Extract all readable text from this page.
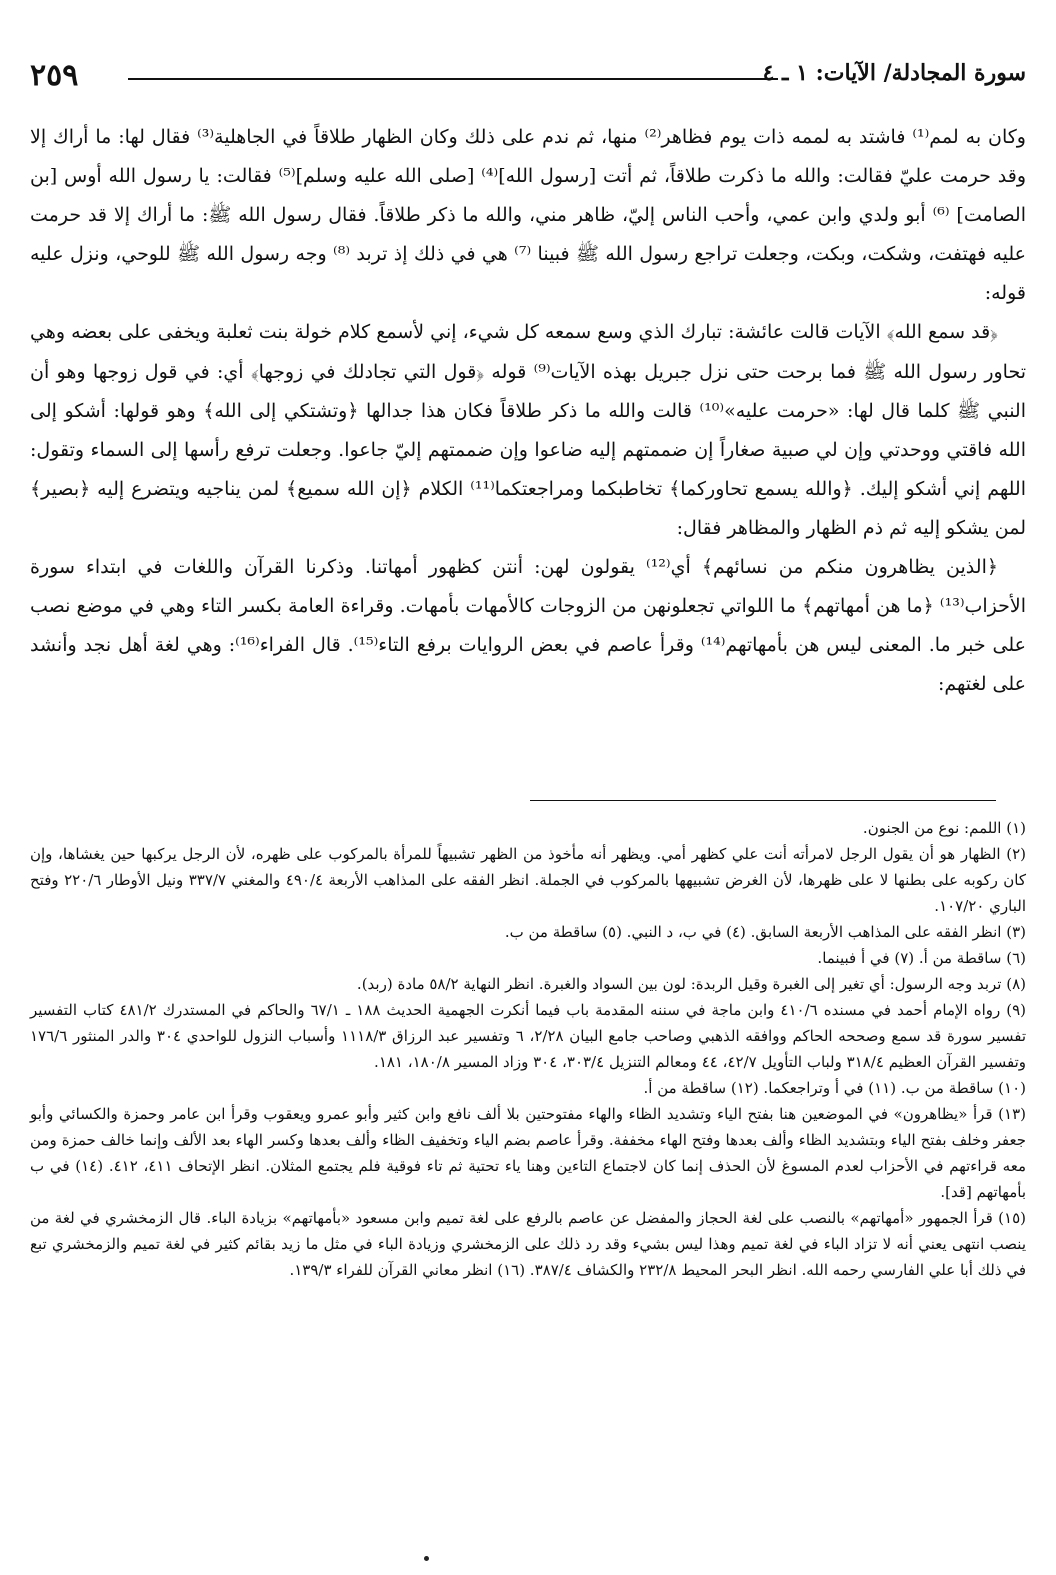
٢٥٩	سورة المجادلة/ الآيات: ١ ـ ٤

وكان به لمم⁽¹⁾ فاشتد به لممه ذات يوم فظاهر⁽²⁾ منها، ثم ندم على ذلك وكان الظهار طلاقاً في الجاهلية⁽³⁾ فقال لها: ما أراك إلا وقد حرمت عليّ فقالت: والله ما ذكرت طلاقاً، ثم أتت [رسول الله]⁽⁴⁾ [صلى الله عليه وسلم]⁽⁵⁾ فقالت: يا رسول الله أوس [بن الصامت] ⁽⁶⁾ أبو ولدي وابن عمي، وأحب الناس إليّ، ظاهر مني، والله ما ذكر طلاقاً. فقال رسول الله ﷺ: ما أراك إلا قد حرمت عليه فهتفت، وشكت، وبكت، وجعلت تراجع رسول الله ﷺ فبينا ⁽⁷⁾ هي في ذلك إذ تربد ⁽⁸⁾ وجه رسول الله ﷺ للوحي، ونزل عليه قوله:

﴿قد سمع الله﴾ الآيات قالت عائشة: تبارك الذي وسع سمعه كل شيء، إني لأسمع كلام خولة بنت ثعلبة ويخفى على بعضه وهي تحاور رسول الله ﷺ فما برحت حتى نزل جبريل بهذه الآيات⁽⁹⁾ قوله ﴿قول التي تجادلك في زوجها﴾ أي: في قول زوجها وهو أن النبي ﷺ كلما قال لها: «حرمت عليه»⁽¹⁰⁾ قالت والله ما ذكر طلاقاً فكان هذا جدالها ﴿وتشتكي إلى الله﴾ وهو قولها: أشكو إلى الله فاقتي ووحدتي وإن لي صبية صغاراً إن ضممتهم إليه ضاعوا وإن ضممتهم إليّ جاعوا. وجعلت ترفع رأسها إلى السماء وتقول: اللهم إني أشكو إليك. ﴿والله يسمع تحاوركما﴾ تخاطبكما ومراجعتكما⁽¹¹⁾ الكلام ﴿إن الله سميع﴾ لمن يناجيه ويتضرع إليه ﴿بصير﴾ لمن يشكو إليه ثم ذم الظهار والمظاهر فقال:

﴿الذين يظاهرون منكم من نسائهم﴾ أي⁽¹²⁾ يقولون لهن: أنتن كظهور أمهاتنا. وذكرنا القرآن واللغات في ابتداء سورة الأحزاب⁽¹³⁾ ﴿ما هن أمهاتهم﴾ ما اللواتي تجعلونهن من الزوجات كالأمهات بأمهات. وقراءة العامة بكسر التاء وهي في موضع نصب على خبر ما. المعنى ليس هن بأمهاتهم⁽¹⁴⁾ وقرأ عاصم في بعض الروايات برفع التاء⁽¹⁵⁾. قال الفراء⁽¹⁶⁾: وهي لغة أهل نجد وأنشد على لغتهم:

(١) اللمم: نوع من الجنون.

(٢) الظهار هو أن يقول الرجل لامرأته أنت علي كظهر أمي. ويظهر أنه مأخوذ من الظهر تشبيهاً للمرأة بالمركوب على ظهره، لأن الرجل يركبها حين يغشاها، وإن كان ركوبه على بطنها لا على ظهرها، لأن الغرض تشبيهها بالمركوب في الجملة. انظر الفقه على المذاهب الأربعة ٤٩٠/٤ والمغني ٣٣٧/٧ ونيل الأوطار ٢٢٠/٦ وفتح الباري ١٠٧/٢٠.

(٣) انظر الفقه على المذاهب الأربعة السابق. (٤) في ب، د النبي. (٥) ساقطة من ب.

(٦) ساقطة من أ. (٧) في أ فبينما.

(٨) تربد وجه الرسول: أي تغير إلى الغبرة وقيل الربدة: لون بين السواد والغبرة. انظر النهاية ٥٨/٢ مادة (ربد).

(٩) رواه الإمام أحمد في مسنده ٤١٠/٦ وابن ماجة في سننه المقدمة باب فيما أنكرت الجهمية الحديث ١٨٨ ـ ٦٧/١ والحاكم في المستدرك ٤٨١/٢ كتاب التفسير تفسير سورة قد سمع وصححه الحاكم ووافقه الذهبي وصاحب جامع البيان ٢/٢٨، ٦ وتفسير عبد الرزاق ١١١٨/٣ وأسباب النزول للواحدي ٣٠٤ والدر المنثور ١٧٦/٦ وتفسير القرآن العظيم ٣١٨/٤ ولباب التأويل ٤٢/٧، ٤٤ ومعالم التنزيل ٣٠٣/٤، ٣٠٤ وزاد المسير ١٨٠/٨، ١٨١.

(١٠) ساقطة من ب. (١١) في أ وتراجعكما. (١٢) ساقطة من أ.

(١٣) قرأ «يظاهرون» في الموضعين هنا بفتح الياء وتشديد الظاء والهاء مفتوحتين بلا ألف نافع وابن كثير وأبو عمرو ويعقوب وقرأ ابن عامر وحمزة والكسائي وأبو جعفر وخلف بفتح الياء وبتشديد الظاء وألف بعدها وفتح الهاء مخففة. وقرأ عاصم بضم الياء وتخفيف الظاء وألف بعدها وكسر الهاء بعد الألف وإنما خالف حمزة ومن معه قراءتهم في الأحزاب لعدم المسوغ لأن الحذف إنما كان لاجتماع التاءين وهنا ياء تحتية ثم تاء فوقية فلم يجتمع المثلان. انظر الإتحاف ٤١١، ٤١٢. (١٤) في ب بأمهاتهم [قد].

(١٥) قرأ الجمهور «أمهاتهم» بالنصب على لغة الحجاز والمفضل عن عاصم بالرفع على لغة تميم وابن مسعود «بأمهاتهم» بزيادة الباء. قال الزمخشري في لغة من ينصب انتهى يعني أنه لا تزاد الباء في لغة تميم وهذا ليس بشيء وقد رد ذلك على الزمخشري وزيادة الباء في مثل ما زيد بقائم كثير في لغة تميم والزمخشري تبع في ذلك أبا علي الفارسي رحمه الله. انظر البحر المحيط ٢٣٢/٨ والكشاف ٣٨٧/٤. (١٦) انظر معاني القرآن للفراء ١٣٩/٣.
